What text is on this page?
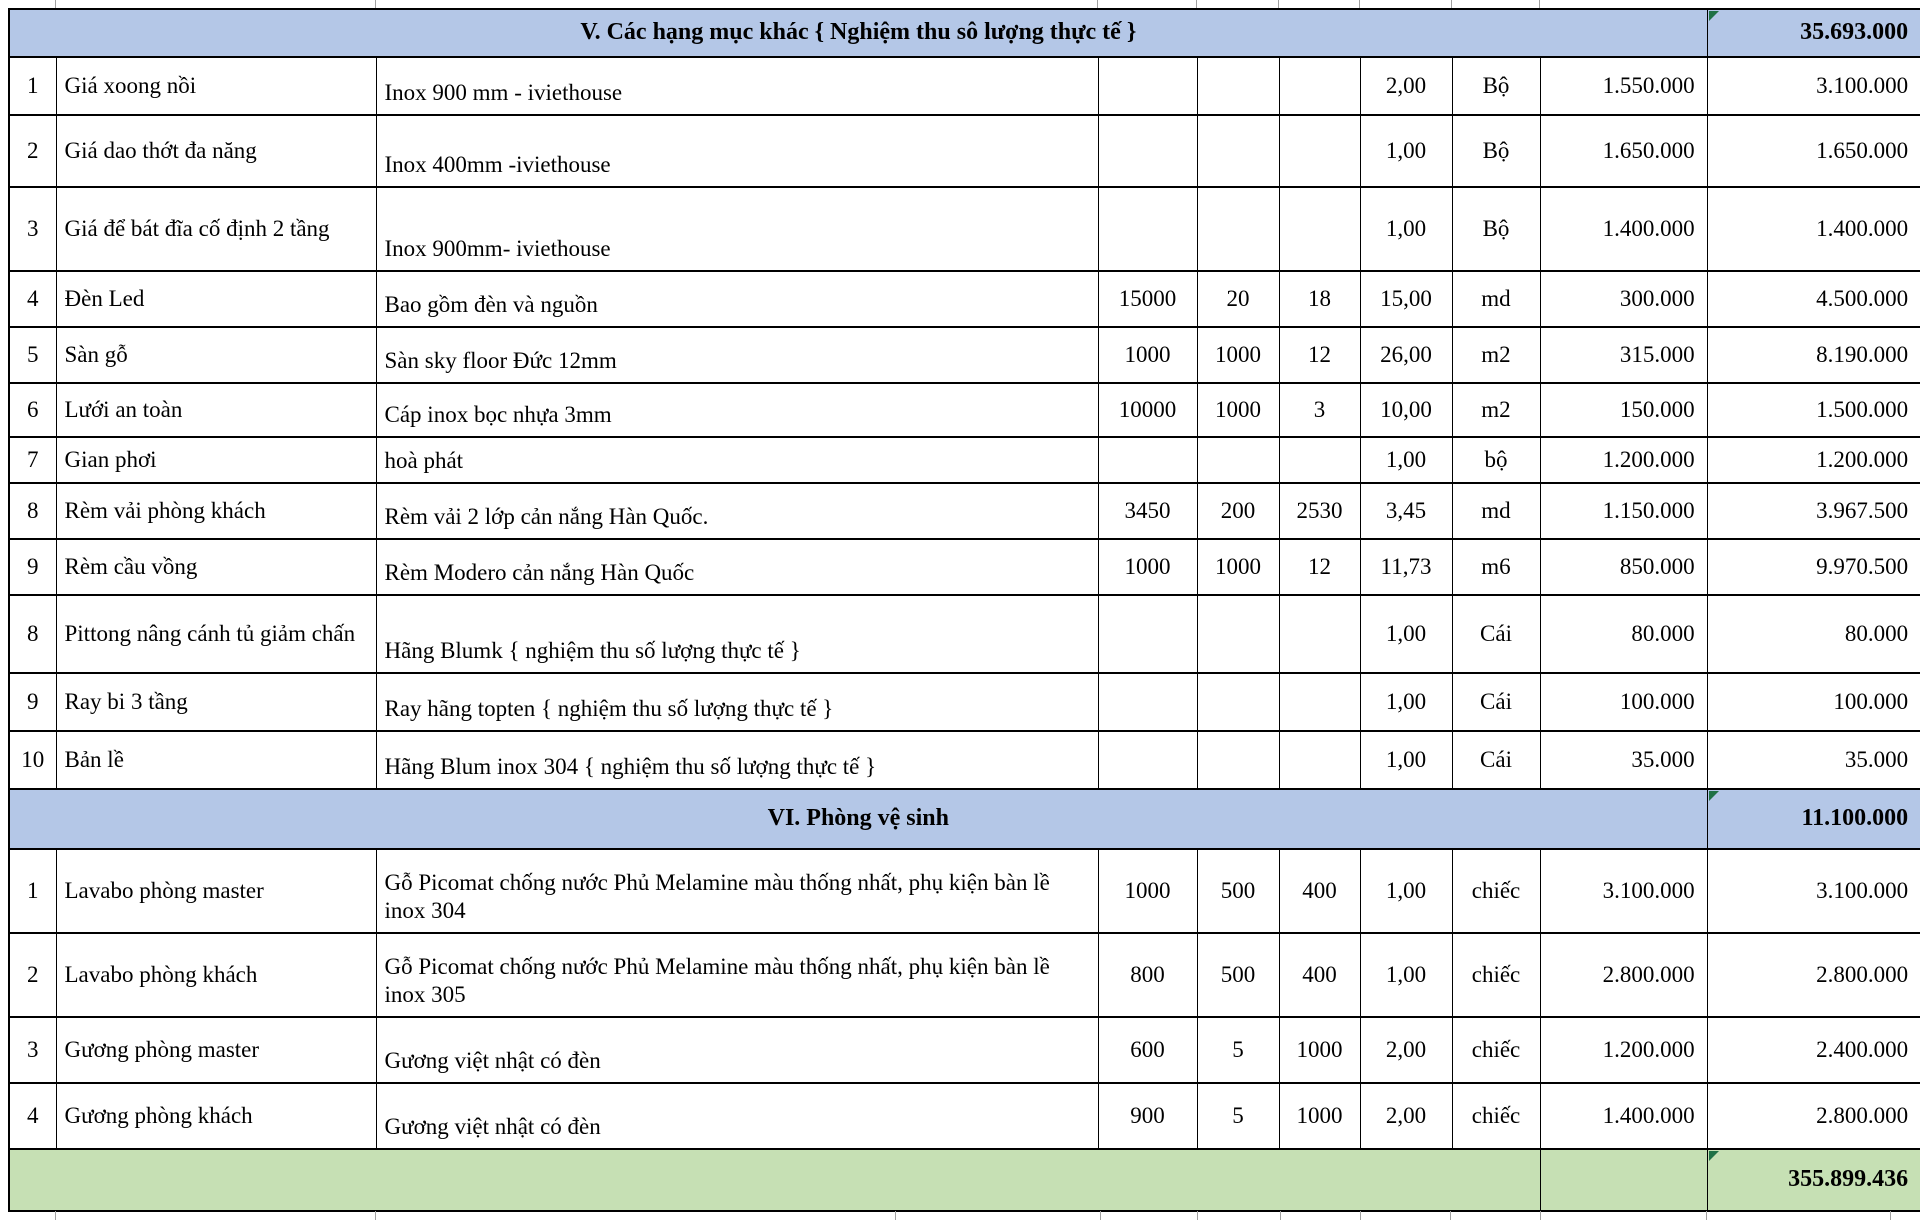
V. Các hạng mục khác { Nghiệm thu sô lượng thực tế }									35.693.000
1	Giá xoong nồi	Inox 900 mm - iviethouse				2,00	Bộ	1.550.000	3.100.000
2	Giá dao thớt đa năng	Inox 400mm -iviethouse				1,00	Bộ	1.650.000	1.650.000
3	Giá để bát đĩa cố định 2 tầng	Inox 900mm- iviethouse				1,00	Bộ	1.400.000	1.400.000
4	Đèn Led	Bao gồm đèn và nguồn	15000	20	18	15,00	md	300.000	4.500.000
5	Sàn gỗ	Sàn sky floor Đức 12mm	1000	1000	12	26,00	m2	315.000	8.190.000
6	Lưới an toàn	Cáp inox bọc nhựa 3mm	10000	1000	3	10,00	m2	150.000	1.500.000
7	Gian phơi	hoà phát				1,00	bộ	1.200.000	1.200.000
8	Rèm vải phòng khách	Rèm vải 2 lớp cản nắng Hàn Quốc.	3450	200	2530	3,45	md	1.150.000	3.967.500
9	Rèm cầu vồng	Rèm Modero cản nắng Hàn Quốc	1000	1000	12	11,73	m6	850.000	9.970.500
8	Pittong nâng cánh tủ giảm chấn	Hãng Blumk { nghiệm thu số lượng thực tế }				1,00	Cái	80.000	80.000
9	Ray bi 3 tầng	Ray hãng topten { nghiệm thu số lượng thực tế }				1,00	Cái	100.000	100.000
10	Bản lề	Hãng Blum inox 304 { nghiệm thu số lượng thực tế }				1,00	Cái	35.000	35.000
VI. Phòng vệ sinh									11.100.000
1	Lavabo phòng master	Gỗ Picomat chống nước Phủ Melamine màu thống nhất, phụ kiện bàn lề inox 304	1000	500	400	1,00	chiếc	3.100.000	3.100.000
2	Lavabo phòng khách	Gỗ Picomat chống nước Phủ Melamine màu thống nhất, phụ kiện bàn lề inox 305	800	500	400	1,00	chiếc	2.800.000	2.800.000
3	Gương phòng master	Gương việt nhật có đèn	600	5	1000	2,00	chiếc	1.200.000	2.400.000
4	Gương phòng khách	Gương việt nhật có đèn	900	5	1000	2,00	chiếc	1.400.000	2.800.000
									355.899.436
